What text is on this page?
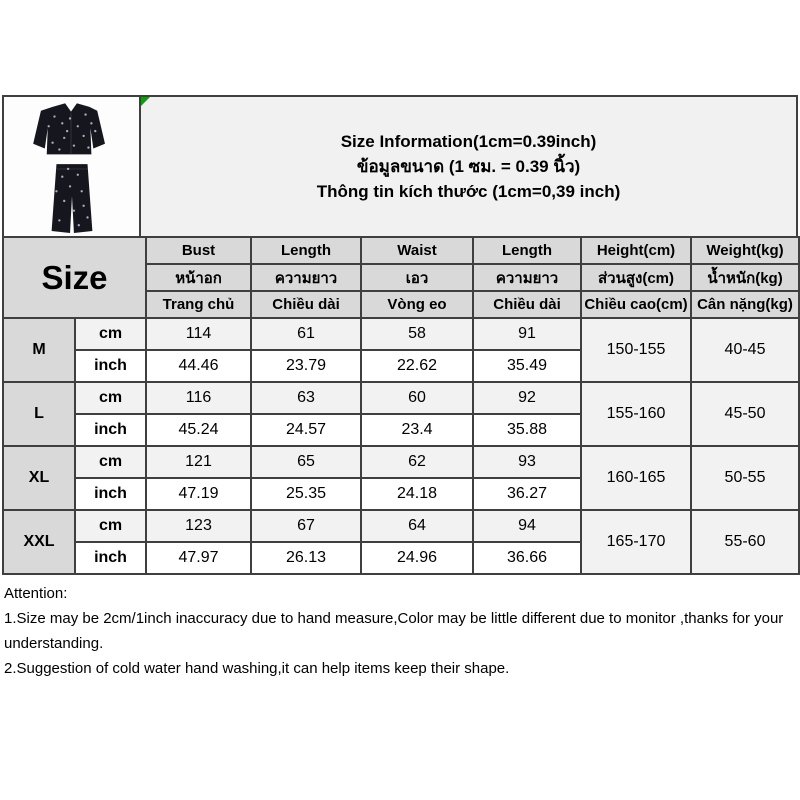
Size Information(1cm=0.39inch)
ข้อมูลขนาด (1 ซม. = 0.39 นิ้ว)
Thông tin kích thước (1cm=0,39 inch)
Size		Bust	Length	Waist	Length	Height(cm)	Weight(kg)
		หน้าอก	ความยาว	เอว	ความยาว	ส่วนสูง(cm)	น้ำหนัก(kg)
		Trang chủ	Chiều dài	Vòng eo	Chiều dài	Chiều cao(cm)	Cân nặng(kg)
M	cm	114	61	58	91	150-155	40-45
	inch	44.46	23.79	22.62	35.49		
L	cm	116	63	60	92	155-160	45-50
	inch	45.24	24.57	23.4	35.88		
XL	cm	121	65	62	93	160-165	50-55
	inch	47.19	25.35	24.18	36.27		
XXL	cm	123	67	64	94	165-170	55-60
	inch	47.97	26.13	24.96	36.66		
Attention:
1.Size may be 2cm/1inch inaccuracy due to hand measure,Color may be little different due to monitor ,thanks for your understanding.
2.Suggestion of cold water hand washing,it can help items keep their shape.
